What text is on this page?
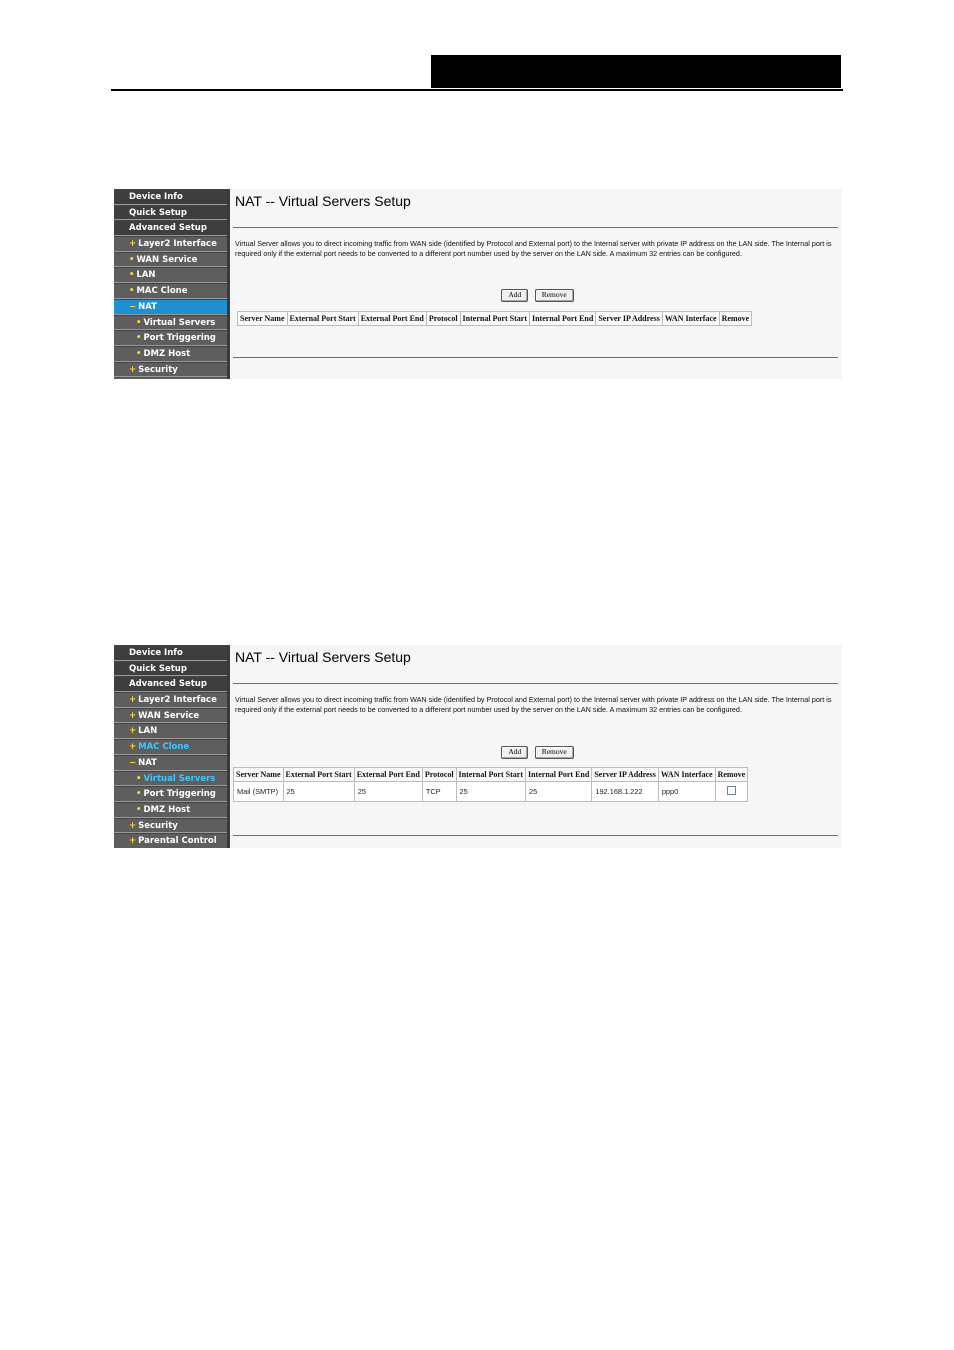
Device Info
Quick Setup
Advanced Setup
+ Layer2 Interface
• WAN Service
• LAN
• MAC Clone
− NAT
• Virtual Servers
• Port Triggering
• DMZ Host
+ Security
NAT -- Virtual Servers Setup
Virtual Server allows you to direct incoming traffic from WAN side (identified by Protocol and External port) to the Internal server with private IP address on the LAN side. The Internal port is required only if the external port needs to be converted to a different port number used by the server on the LAN side. A maximum 32 entries can be configured.
Add	Remove
Server Name	External Port Start	External Port End	Protocol	Internal Port Start	Internal Port End	Server IP Address	WAN Interface	Remove
Device Info
Quick Setup
Advanced Setup
+ Layer2 Interface
+ WAN Service
+ LAN
+ MAC Clone
− NAT
• Virtual Servers
• Port Triggering
• DMZ Host
+ Security
+ Parental Control
NAT -- Virtual Servers Setup
Virtual Server allows you to direct incoming traffic from WAN side (identified by Protocol and External port) to the Internal server with private IP address on the LAN side. The Internal port is required only if the external port needs to be converted to a different port number used by the server on the LAN side. A maximum 32 entries can be configured.
Add	Remove
Server Name	External Port Start	External Port End	Protocol	Internal Port Start	Internal Port End	Server IP Address	WAN Interface	Remove
Mail (SMTP)	25	25	TCP	25	25	192.168.1.222	ppp0	
